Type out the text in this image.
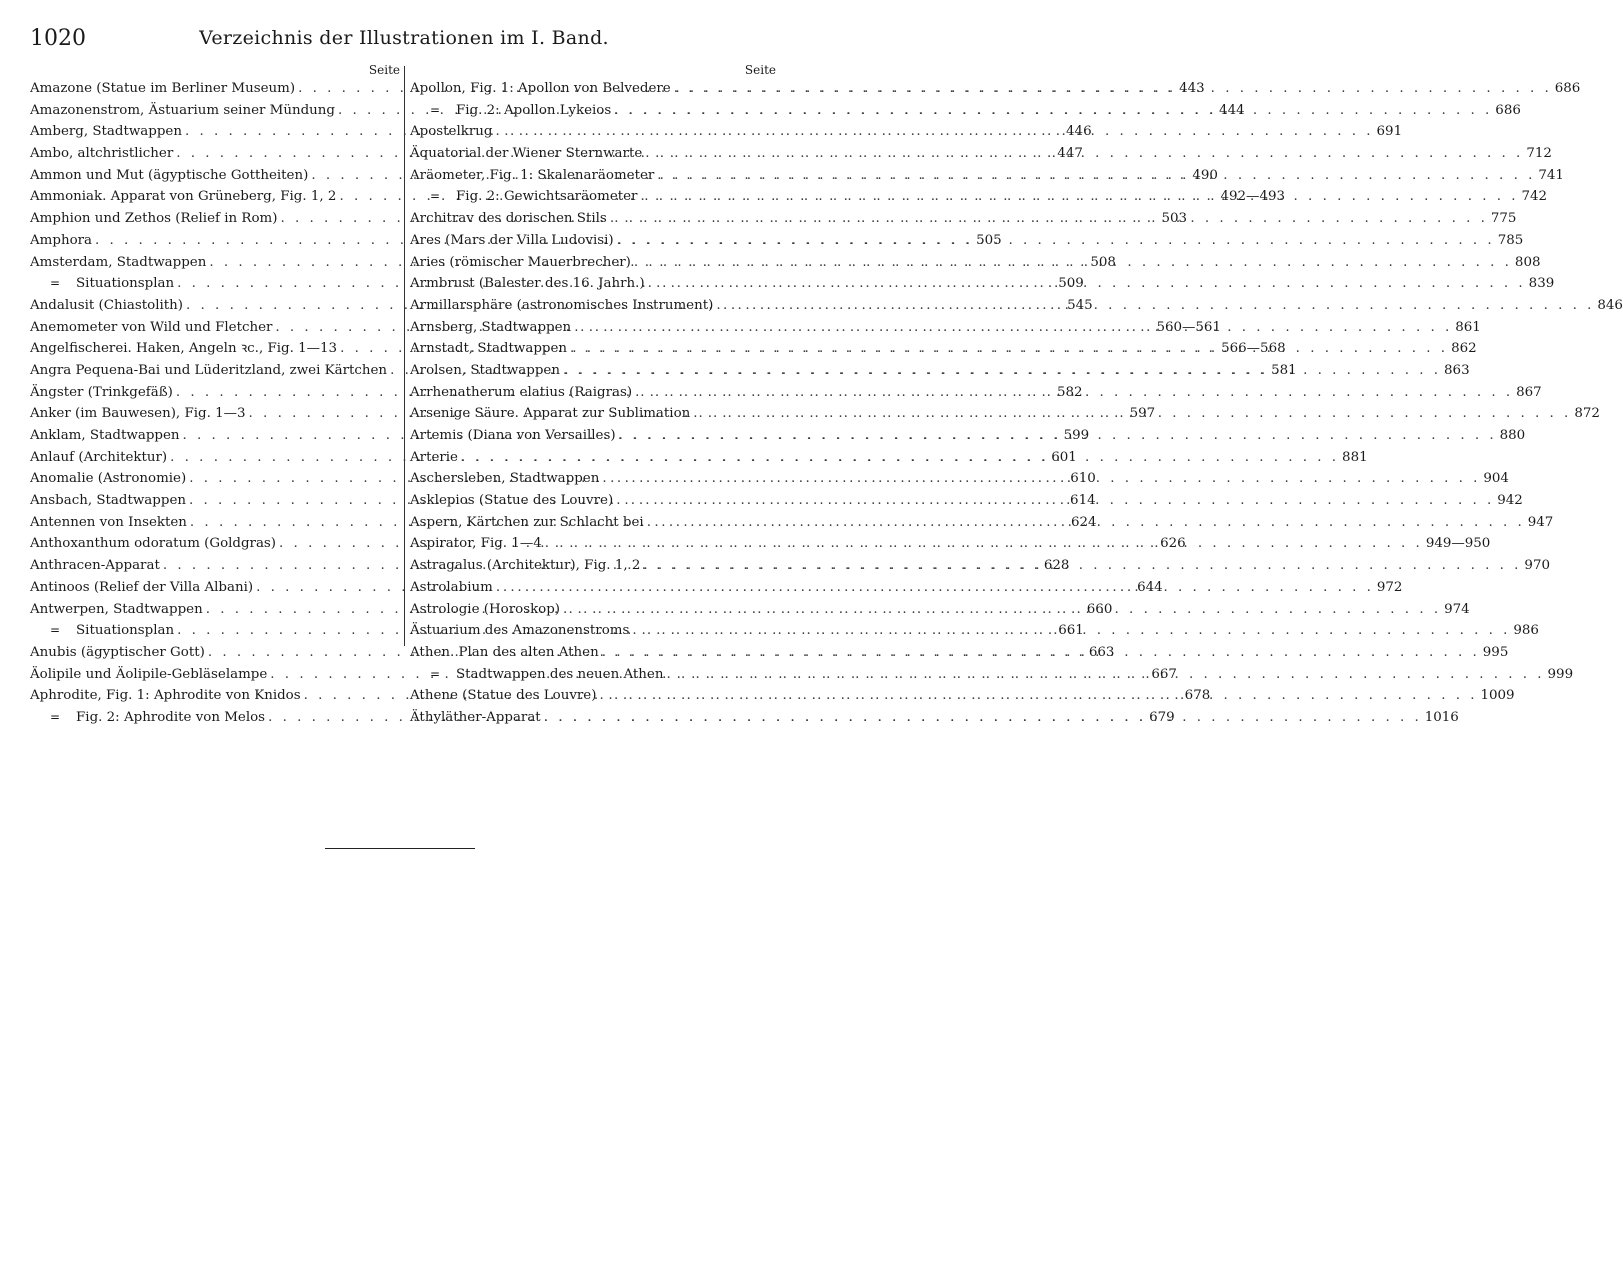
1020	Verzeichnis der Illustrationen im I. Band.
Seite
Amazone (Statue im Berliner Museum) . . .	443
Amazonenstrom, Ästuarium seiner Mündung . . .	444
Amberg, Stadtwappen . . .	446
Ambo, altchristlicher . . .	447
Ammon und Mut (ägyptische Gottheiten) . . .	490
Ammoniak. Apparat von Grüneberg, Fig. 1, 2 . . .	492—493
Amphion und Zethos (Relief in Rom) . . .	503
Amphora . . .	505
Amsterdam, Stadtwappen . . .	508
=	Situationsplan . . .	509
Andalusit (Chiastolith) . . .	545
Anemometer von Wild und Fletcher . . .	560—561
Angelfischerei. Haken, Angeln ꝛc., Fig. 1—13 . . .	566—568
Angra Pequena-Bai und Lüderitzland, zwei Kärtchen . . .	581
Ängster (Trinkgefäß) . . .	582
Anker (im Bauwesen), Fig. 1—3 . . .	597
Anklam, Stadtwappen . . .	599
Anlauf (Architektur) . . .	601
Anomalie (Astronomie) . . .	610
Ansbach, Stadtwappen . . .	614
Antennen von Insekten . . .	624
Anthoxanthum odoratum (Goldgras) . . .	626
Anthracen-Apparat . . .	628
Antinoos (Relief der Villa Albani) . . .	644
Antwerpen, Stadtwappen . . .	660
=	Situationsplan . . .	661
Anubis (ägyptischer Gott) . . .	663
Äolipile und Äolipile-Gebläselampe . . .	667
Aphrodite, Fig. 1: Aphrodite von Knidos . . .	678
=	Fig. 2: Aphrodite von Melos . . .	679
Seite
Apollon, Fig. 1: Apollon von Belvedere . . .	686
=	Fig. 2: Apollon Lykeios . . .	686
Apostelkrug . . .	691
Äquatorial der Wiener Sternwarte . . .	712
Aräometer, Fig. 1: Skalenaräometer . . .	741
=	Fig. 2: Gewichtsaräometer . . .	742
Architrav des dorischen Stils . . .	775
Ares (Mars der Villa Ludovisi) . . .	785
Aries (römischer Mauerbrecher) . . .	808
Armbrust (Balester des 16. Jahrh.) . . .	839
Armillarsphäre (astronomisches Instrument) . . .	846
Arnsberg, Stadtwappen . . .	861
Arnstadt, Stadtwappen . . .	862
Arolsen, Stadtwappen . . .	863
Arrhenatherum elatius (Raigras) . . .	867
Arsenige Säure. Apparat zur Sublimation . . .	872
Artemis (Diana von Versailles) . . .	880
Arterie . . .	881
Aschersleben, Stadtwappen . . .	904
Asklepios (Statue des Louvre) . . .	942
Aspern, Kärtchen zur Schlacht bei . . .	947
Aspirator, Fig. 1—4 . . .	949—950
Astragalus (Architektur), Fig. 1, 2 . . .	970
Astrolabium . . .	972
Astrologie (Horoskop) . . .	974
Ästuarium des Amazonenstroms . . .	986
Athen. Plan des alten Athen . . .	995
=	Stadtwappen des neuen Athen . . .	999
Athene (Statue des Louvre) . . .	1009
Äthyläther-Apparat . . .	1016
